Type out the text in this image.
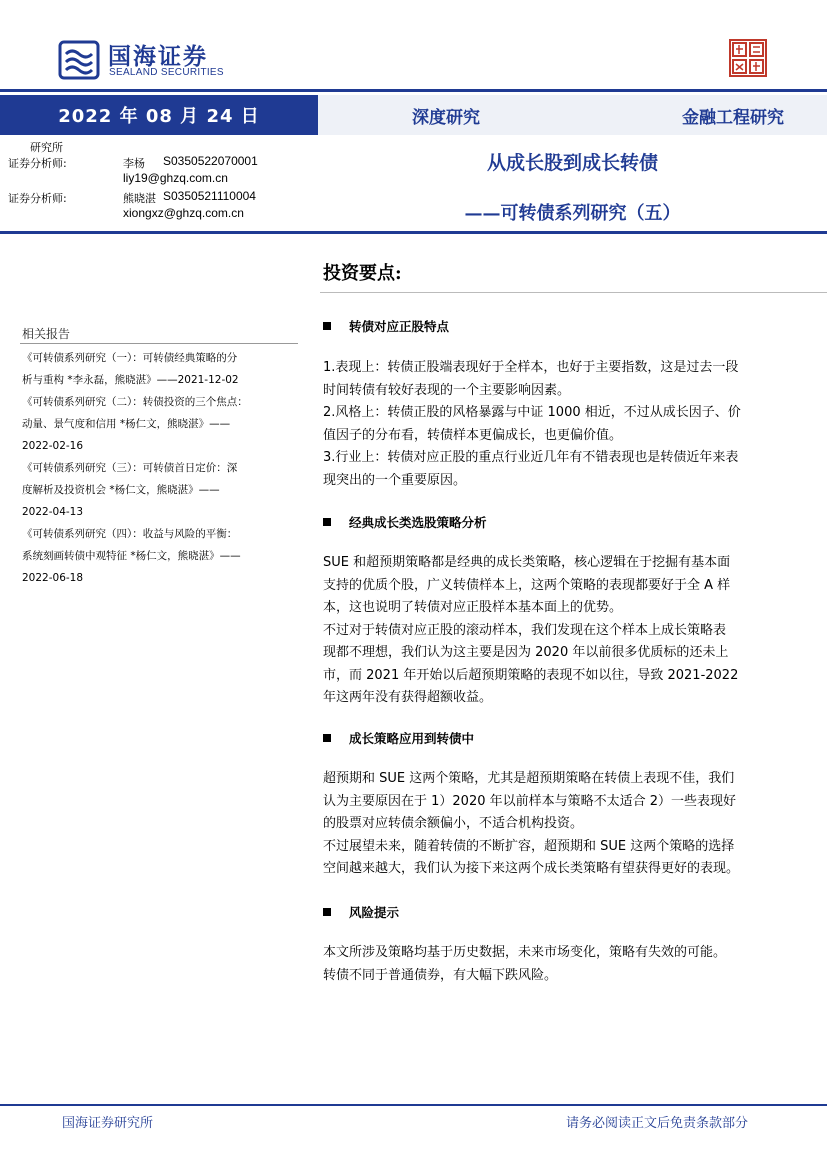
国海证券
SEALAND SECURITIES
2022 年 08 月 24 日	深度研究	金融工程研究
研究所
证券分析师:	李杨 S0350522070001
liy19@ghzq.com.cn
证券分析师:	熊晓湛 S0350521110004
xiongxz@ghzq.com.cn
从成长股到成长转债
——可转债系列研究（五）
相关报告
《可转债系列研究（一）：可转债经典策略的分
析与重构 *李永磊，熊晓湛》——2021-12-02
《可转债系列研究（二）：转债投资的三个焦点：
动量、景气度和信用 *杨仁文，熊晓湛》——
2022-02-16
《可转债系列研究（三）：可转债首日定价：深
度解析及投资机会 *杨仁文，熊晓湛》——
2022-04-13
《可转债系列研究（四）：收益与风险的平衡：
系统刻画转债中观特征 *杨仁文，熊晓湛》——
2022-06-18
投资要点:
转债对应正股特点
1.表现上：转债正股端表现好于全样本，也好于主要指数，这是过去一段
时间转债有较好表现的一个主要影响因素。
2.风格上：转债正股的风格暴露与中证 1000 相近，不过从成长因子、价
值因子的分布看，转债样本更偏成长，也更偏价值。
3.行业上：转债对应正股的重点行业近几年有不错表现也是转债近年来表
现突出的一个重要原因。
经典成长类选股策略分析
SUE 和超预期策略都是经典的成长类策略，核心逻辑在于挖掘有基本面
支持的优质个股，广义转债样本上，这两个策略的表现都要好于全 A 样
本，这也说明了转债对应正股样本基本面上的优势。
不过对于转债对应正股的滚动样本，我们发现在这个样本上成长策略表
现都不理想，我们认为这主要是因为 2020 年以前很多优质标的还未上
市，而 2021 年开始以后超预期策略的表现不如以往，导致 2021-2022
年这两年没有获得超额收益。
成长策略应用到转债中
超预期和 SUE 这两个策略，尤其是超预期策略在转债上表现不佳，我们
认为主要原因在于 1）2020 年以前样本与策略不太适合 2）一些表现好
的股票对应转债余额偏小，不适合机构投资。
不过展望未来，随着转债的不断扩容，超预期和 SUE 这两个策略的选择
空间越来越大，我们认为接下来这两个成长类策略有望获得更好的表现。
风险提示
本文所涉及策略均基于历史数据，未来市场变化，策略有失效的可能。
转债不同于普通债券，有大幅下跌风险。
国海证券研究所	请务必阅读正文后免责条款部分
